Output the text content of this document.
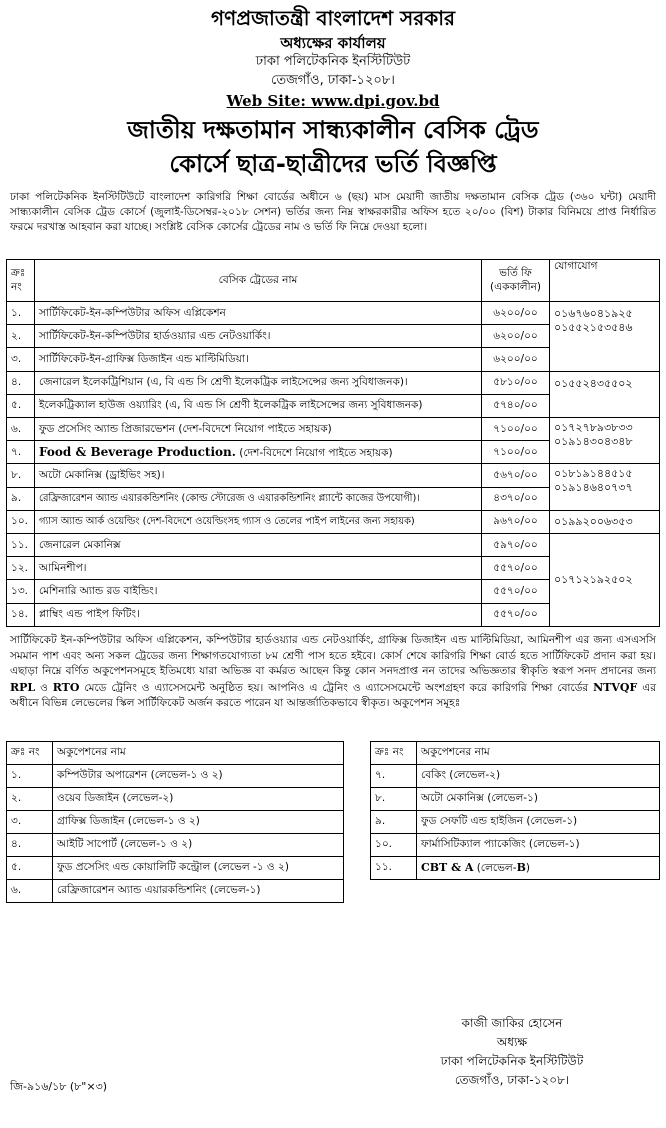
গণপ্রজাতন্ত্রী বাংলাদেশ সরকার
অধ্যক্ষের কার্যালয়
ঢাকা পলিটেকনিক ইনস্টিটিউট
তেজগাঁও, ঢাকা-১২০৮।
Web Site: www.dpi.gov.bd
জাতীয় দক্ষতামান সান্ধ্যকালীন বেসিক ট্রেড
কোর্সে ছাত্র-ছাত্রীদের ভর্তি বিজ্ঞপ্তি
ঢাকা পলিটেকনিক ইনস্টিটিউটে বাংলাদেশ কারিগরি শিক্ষা বোর্ডের অধীনে ৬ (ছয়) মাস মেয়াদী জাতীয় দক্ষতামান বেসিক ট্রেড (৩৬০ ঘন্টা) মেয়াদী সান্ধ্যকালীন বেসিক ট্রেড কোর্সে (জুলাই-ডিসেম্বর-২০১৮ সেশন) ভর্তির জন্য নিম্ন স্বাক্ষরকারীর অফিস হতে ২০/০০ (বিশ) টাকার বিনিময়ে প্রাপ্ত নির্ধারিত ফরমে দরখাস্ত আহবান করা যাচ্ছে। সংশ্লিষ্ট বেসিক কোর্সের ট্রেডের নাম ও ভর্তি ফি নিম্নে দেওয়া হলো।
ক্রঃ নং	বেসিক ট্রেডের নাম	ভর্তি ফি (এককালীন)	যোগাযোগ
১.	সার্টিফিকেট-ইন-কম্পিউটার অফিস এপ্লিকেশন	৬২০০/০০	০১৬৭৬০৪১৯২৫ ০১৫৫২১৫৩৫৪৬
২.	সার্টিফিকেট-ইন-কম্পিউটার হার্ডওয়্যার এন্ড নেটওয়ার্কিং।	৬২০০/০০	
৩.	সার্টিফিকেট-ইন-গ্রাফিক্স ডিজাইন এন্ড মাল্টিমিডিয়া।	৬২০০/০০	
৪.	জেনারেল ইলেকট্রিশিয়ান (এ, বি এন্ড সি শ্রেণী ইলেকট্রিক লাইসেন্সের জন্য সুবিধাজনক)।	৫৮১০/০০	০১৫৫২৪৩৫৫০২
৫.	ইলেকট্রিক্যাল হাউজ ওয়্যারিং (এ, বি এন্ড সি শ্রেণী ইলেকট্রিক লাইসেন্সের জন্য সুবিধাজনক)	৫৭৪০/০০	
৬.	ফুড প্রসেসিং অ্যান্ড প্রিজারভেশন (দেশ-বিদেশে নিয়োগ পাইতে সহায়ক)	৭১০০/০০	০১৭২৭৮৯৩৮৩৩ ০১৯১৪৩০৪৩৪৮
৭.	Food & Beverage Production. (দেশ-বিদেশে নিয়োগ পাইতে সহায়ক)	৭১০০/০০	
৮.	অটো মেকানিক্স (ড্রাইভিং সহ)।	৫৬৭০/০০	০১৮১৯১৪৪৫১৫ ০১৯১৪৬৪০৭৩৭
৯.	রেফ্রিজারেশন অ্যান্ড এয়ারকন্ডিশনিং (কোল্ড স্টোরেজ ও এয়ারকন্ডিশনিং প্ল্যান্টে কাজের উপযোগী)।	৪৩৭০/০০	
১০.	গ্যাস অ্যান্ড আর্ক ওয়েল্ডিং (দেশ-বিদেশে ওয়েল্ডিংসহ গ্যাস ও তেলের পাইপ লাইনের জন্য সহায়ক)	৯৬৭০/০০	০১৯৯২০০৬৩৫৩
১১.	জেনারেল মেকানিক্স	৫৯৭০/০০	০১৭১২১৯২৫০২
১২.	আমিনশীপ।	৫৫৭০/০০	
১৩.	মেশিনারি অ্যান্ড রড বাইন্ডিং।	৫৫৭০/০০	
১৪.	প্লাম্বিং এন্ড পাইপ ফিটিং।	৫৫৭০/০০	
সার্টিফিকেট ইন-কম্পিউটার অফিস এপ্লিকেশন, কম্পিউটার হার্ডওয়্যার এন্ড নেটওয়ার্কিং, গ্রাফিক্স ডিজাইন এন্ড মাল্টিমিডিয়া, আমিনশীপ এর জন্য এসএসসি সমমান পাশ এবং অন্য সকল ট্রেডের জন্য শিক্ষাগতযোগ্যতা ৮ম শ্রেণী পাস হতে হইবে। কোর্স শেষে কারিগরি শিক্ষা বোর্ড হতে সার্টিফিকেট প্রদান করা হয়। এছাড়া নিম্নে বর্ণিত অকুপেশনসমূহে ইতিমধ্যে যারা অভিজ্ঞ বা কর্মরত আছেন কিন্তু কোন সনদপ্রাপ্ত নন তাদের অভিজ্ঞতার স্বীকৃতি স্বরূপ সনদ প্রদানের জন্য RPL ও RTO মেডে ট্রেনিং ও এ্যাসেসমেন্ট অনুষ্ঠিত হয়। আপনিও এ ট্রেনিং ও এ্যাসেসমেন্টে অংশগ্রহণ করে কারিগরি শিক্ষা বোর্ডের NTVQF এর অধীনে বিভিন্ন লেভেলের স্কিল সার্টিফিকেট অর্জন করতে পারেন যা আন্তর্জাতিকভাবে স্বীকৃত। অকুপেশন সমূহঃ
ক্রঃ নং	অকুপেশনের নাম
১.	কম্পিউটার অপারেশন (লেভেল-১ ও ২)
২.	ওয়েব ডিজাইন (লেভেল-২)
৩.	গ্রাফিক্স ডিজাইন (লেভেল-১ ও ২)
৪.	আইটি সাপোর্ট (লেভেল-১ ও ২)
৫.	ফুড প্রসেসিং এন্ড কোয়ালিটি কন্ট্রোল (লেভেল -১ ও ২)
৬.	রেফ্রিজারেশন অ্যান্ড এয়ারকন্ডিশনিং (লেভেল-১)
ক্রঃ নং	অকুপেশনের নাম
৭.	বেকিং (লেভেল-২)
৮.	অটো মেকানিক্স (লেভেল-১)
৯.	ফুড সেফটি এন্ড হাইজিন (লেভেল-১)
১০.	ফার্মাসিটিক্যাল প্যাকেজিং (লেভেল-১)
১১.	CBT & A (লেভেল-B)
কাজী জাকির হোসেন
অধ্যক্ষ
ঢাকা পলিটেকনিক ইনস্টিটিউট
তেজগাঁও, ঢাকা-১২০৮।
জি-৯১৬/১৮ (৮"×৩)
